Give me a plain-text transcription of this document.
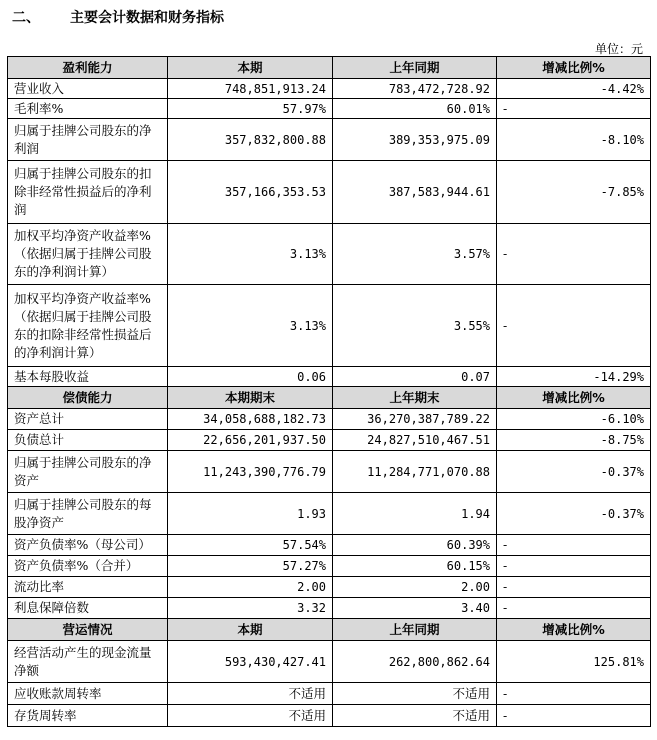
二、	主要会计数据和财务指标
单位：元
盈利能力	本期	上年同期	增减比例%
营业收入	748,851,913.24	783,472,728.92	-4.42%
毛利率%	57.97%	60.01%	-
归属于挂牌公司股东的净利润	357,832,800.88	389,353,975.09	-8.10%
归属于挂牌公司股东的扣除非经常性损益后的净利润	357,166,353.53	387,583,944.61	-7.85%
加权平均净资产收益率%（依据归属于挂牌公司股东的净利润计算）	3.13%	3.57%	-
加权平均净资产收益率%（依据归属于挂牌公司股东的扣除非经常性损益后的净利润计算）	3.13%	3.55%	-
基本每股收益	0.06	0.07	-14.29%
偿债能力	本期期末	上年期末	增减比例%
资产总计	34,058,688,182.73	36,270,387,789.22	-6.10%
负债总计	22,656,201,937.50	24,827,510,467.51	-8.75%
归属于挂牌公司股东的净资产	11,243,390,776.79	11,284,771,070.88	-0.37%
归属于挂牌公司股东的每股净资产	1.93	1.94	-0.37%
资产负债率%（母公司）	57.54%	60.39%	-
资产负债率%（合并）	57.27%	60.15%	-
流动比率	2.00	2.00	-
利息保障倍数	3.32	3.40	-
营运情况	本期	上年同期	增减比例%
经营活动产生的现金流量净额	593,430,427.41	262,800,862.64	125.81%
应收账款周转率	不适用	不适用	-
存货周转率	不适用	不适用	-
